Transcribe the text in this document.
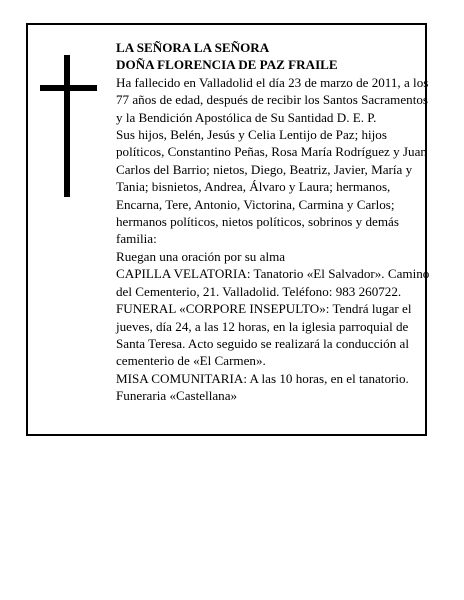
LA SEÑORA LA SEÑORA

DOÑA FLORENCIA DE PAZ FRAILE

Ha fallecido en Valladolid el día 23 de marzo de 2011, a los 77 años de edad, después de recibir los Santos Sacramentos y la Bendición Apostólica de Su Santidad D. E. P.

Sus hijos, Belén, Jesús y Celia Lentijo de Paz; hijos políticos, Constantino Peñas, Rosa María Rodríguez y Juan Carlos del Barrio; nietos, Diego, Beatriz, Javier, María y Tania; bisnietos, Andrea, Álvaro y Laura; hermanos, Encarna, Tere, Antonio, Victorina, Carmina y Carlos; hermanos políticos, nietos políticos, sobrinos y demás familia:

Ruegan una oración por su alma

CAPILLA VELATORIA: Tanatorio «El Salvador». Camino del Cementerio, 21. Valladolid. Teléfono: 983 260722.

FUNERAL «CORPORE INSEPULTO»: Tendrá lugar el jueves, día 24, a las 12 horas, en la iglesia parroquial de Santa Teresa. Acto seguido se realizará la conducción al cementerio de «El Carmen».

MISA COMUNITARIA: A las 10 horas, en el tanatorio.

Funeraria «Castellana»
